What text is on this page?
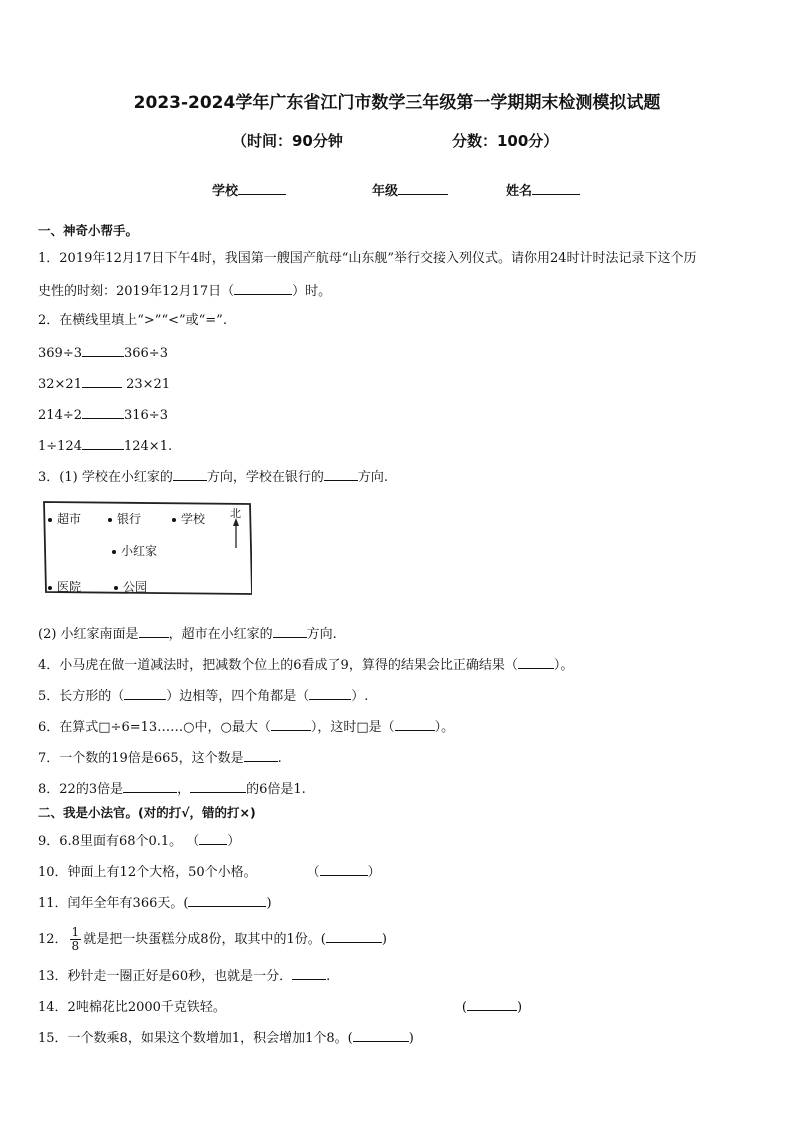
2023-2024学年广东省江门市数学三年级第一学期期末检测模拟试题
（时间：90分钟	分数：100分）
学校	年级	姓名
一、神奇小帮手。
1．2019年12月17日下午4时，我国第一艘国产航母“山东舰”举行交接入列仪式。请你用24时计时法记录下这个历
史性的时刻：2019年12月17日（	）时。
2．在横线里填上“>”“<”或“=”.
369÷3	366÷3
32×21	23×21
214÷2	316÷3
1÷124	124×1.
3．(1) 学校在小红家的	方向，学校在银行的	方向.
超市	银行	学校 北
小红家
医院	公园
(2) 小红家南面是 ，超市在小红家的	方向.
4．小马虎在做一道减法时，把减数个位上的6看成了9，算得的结果会比正确结果（	）。
5．长方形的（	）边相等，四个角都是（	）.
6．在算式□÷6=13……○中，○最大（	），这时□是（	）。
7．一个数的19倍是665，这个数是	.
8．22的3倍是	，	的6倍是1.
二、我是小法官。(对的打√，错的打×)
9．6.8里面有68个0.1。 （ ）
10．钟面上有12个大格，50个小格。	（	）
11．闰年全年有366天。(	)
12． $\frac{1}{8}$ 就是把一块蛋糕分成8份，取其中的1份。(	)
13．秒针走一圈正好是60秒，也就是一分．	.
14．2吨棉花比2000千克铁轻。	(	)
15．一个数乘8，如果这个数增加1，积会增加1个8。(	)
